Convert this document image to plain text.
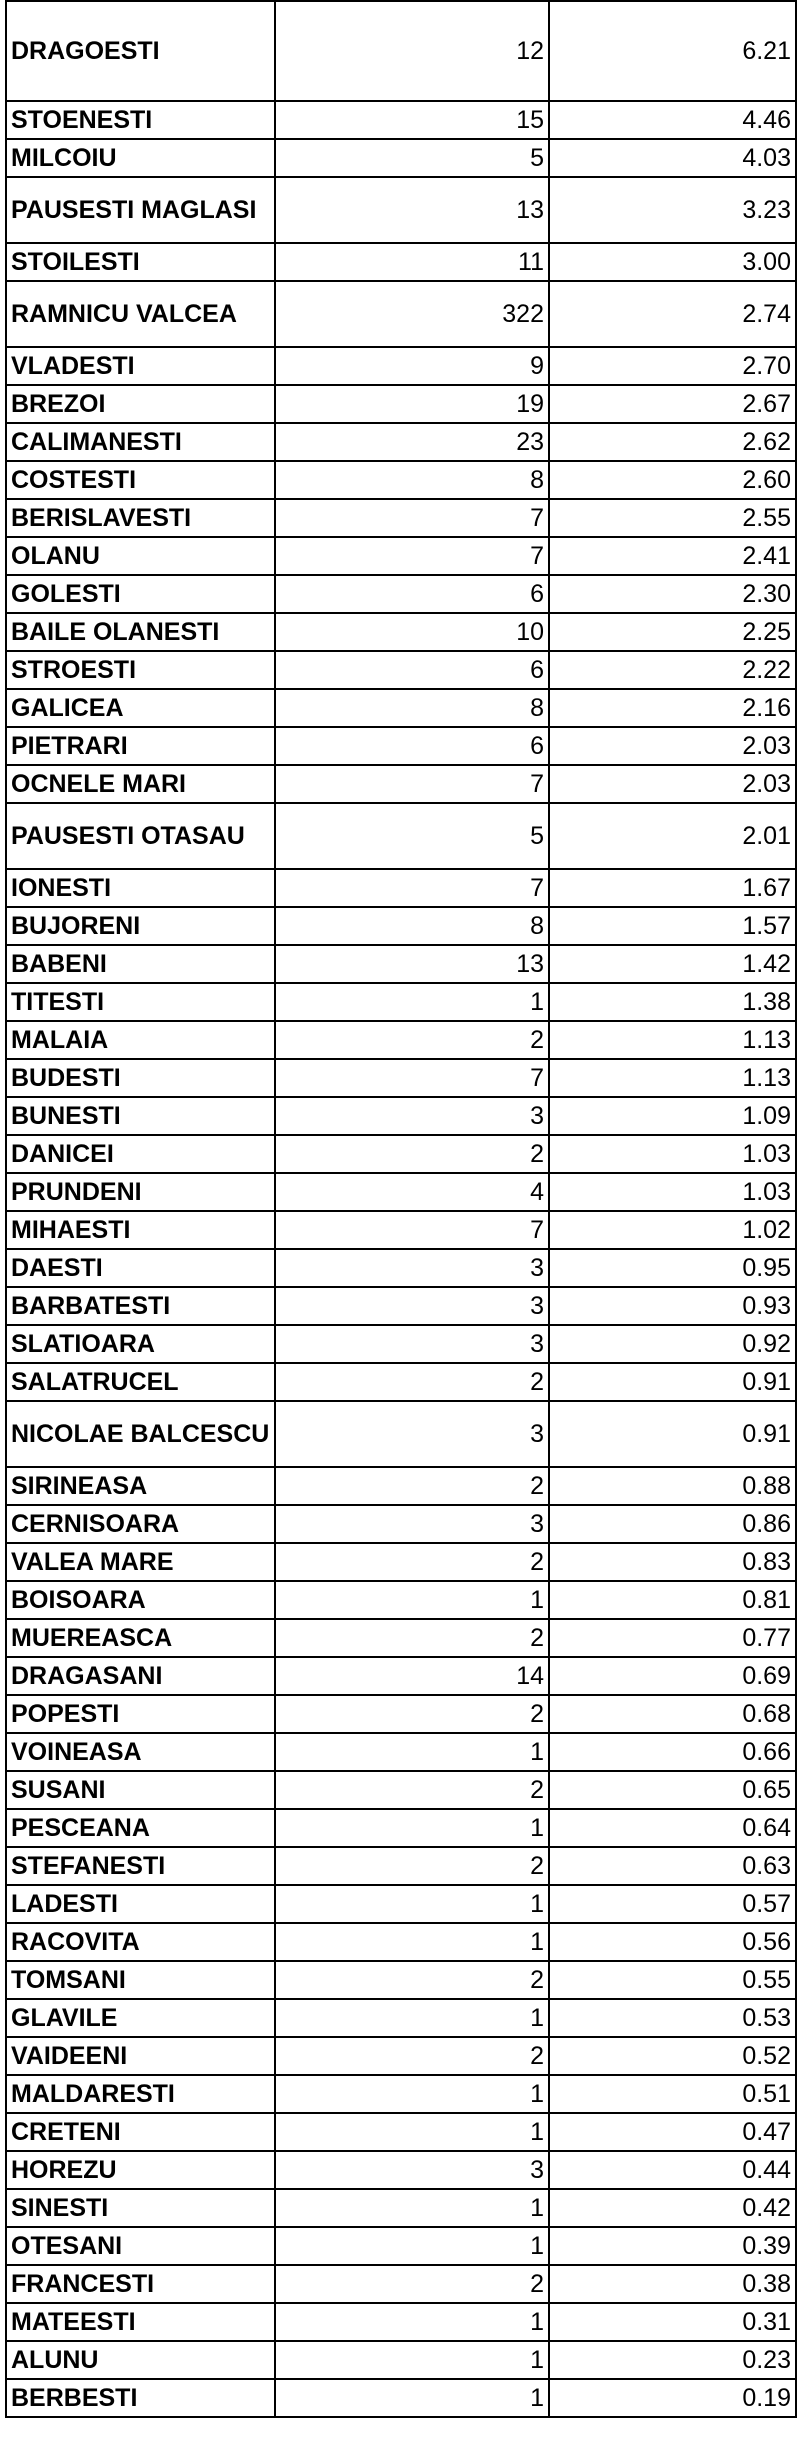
DRAGOESTI	12	6.21
STOENESTI	15	4.46
MILCOIU	5	4.03
PAUSESTI MAGLASI	13	3.23
STOILESTI	11	3.00
RAMNICU VALCEA	322	2.74
VLADESTI	9	2.70
BREZOI	19	2.67
CALIMANESTI	23	2.62
COSTESTI	8	2.60
BERISLAVESTI	7	2.55
OLANU	7	2.41
GOLESTI	6	2.30
BAILE OLANESTI	10	2.25
STROESTI	6	2.22
GALICEA	8	2.16
PIETRARI	6	2.03
OCNELE MARI	7	2.03
PAUSESTI OTASAU	5	2.01
IONESTI	7	1.67
BUJORENI	8	1.57
BABENI	13	1.42
TITESTI	1	1.38
MALAIA	2	1.13
BUDESTI	7	1.13
BUNESTI	3	1.09
DANICEI	2	1.03
PRUNDENI	4	1.03
MIHAESTI	7	1.02
DAESTI	3	0.95
BARBATESTI	3	0.93
SLATIOARA	3	0.92
SALATRUCEL	2	0.91
NICOLAE BALCESCU	3	0.91
SIRINEASA	2	0.88
CERNISOARA	3	0.86
VALEA MARE	2	0.83
BOISOARA	1	0.81
MUEREASCA	2	0.77
DRAGASANI	14	0.69
POPESTI	2	0.68
VOINEASA	1	0.66
SUSANI	2	0.65
PESCEANA	1	0.64
STEFANESTI	2	0.63
LADESTI	1	0.57
RACOVITA	1	0.56
TOMSANI	2	0.55
GLAVILE	1	0.53
VAIDEENI	2	0.52
MALDARESTI	1	0.51
CRETENI	1	0.47
HOREZU	3	0.44
SINESTI	1	0.42
OTESANI	1	0.39
FRANCESTI	2	0.38
MATEESTI	1	0.31
ALUNU	1	0.23
BERBESTI	1	0.19
